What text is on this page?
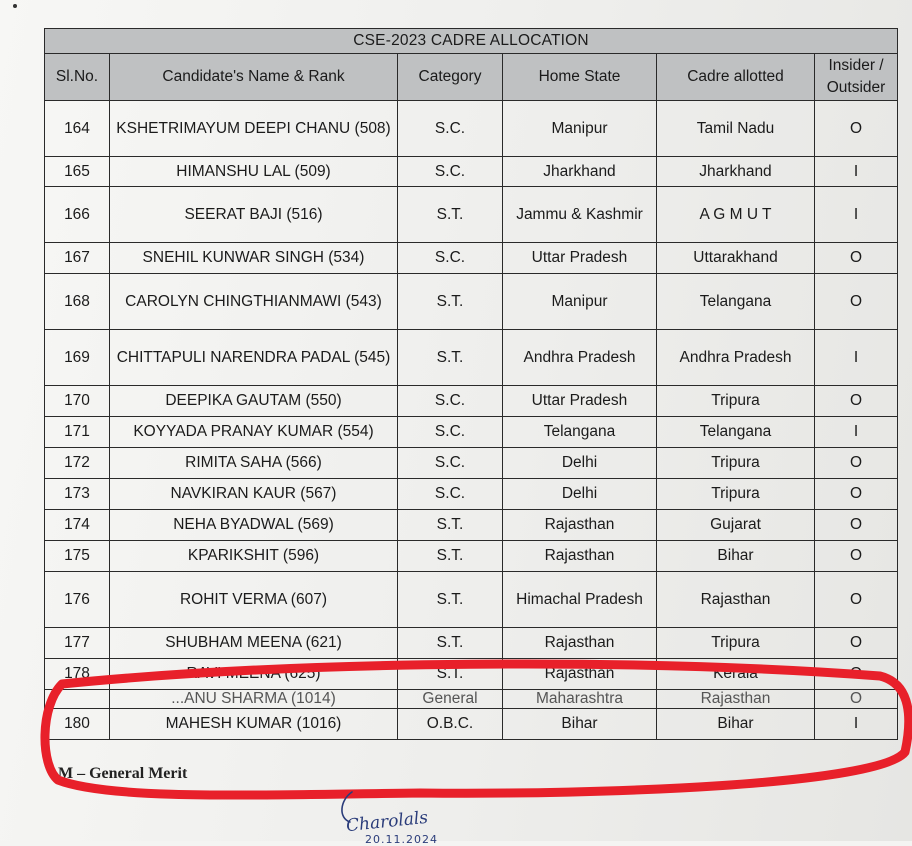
CSE-2023 CADRE ALLOCATION					
Sl.No.	Candidate's Name & Rank	Category	Home State	Cadre allotted	Insider / Outsider
164	KSHETRIMAYUM DEEPI CHANU (508)	S.C.	Manipur	Tamil Nadu	O
165	HIMANSHU LAL (509)	S.C.	Jharkhand	Jharkhand	I
166	SEERAT BAJI (516)	S.T.	Jammu & Kashmir	A G M U T	I
167	SNEHIL KUNWAR SINGH (534)	S.C.	Uttar Pradesh	Uttarakhand	O
168	CAROLYN CHINGTHIANMAWI (543)	S.T.	Manipur	Telangana	O
169	CHITTAPULI NARENDRA PADAL (545)	S.T.	Andhra Pradesh	Andhra Pradesh	I
170	DEEPIKA GAUTAM (550)	S.C.	Uttar Pradesh	Tripura	O
171	KOYYADA PRANAY KUMAR (554)	S.C.	Telangana	Telangana	I
172	RIMITA SAHA (566)	S.C.	Delhi	Tripura	O
173	NAVKIRAN KAUR (567)	S.C.	Delhi	Tripura	O
174	NEHA BYADWAL (569)	S.T.	Rajasthan	Gujarat	O
175	KPARIKSHIT (596)	S.T.	Rajasthan	Bihar	O
176	ROHIT VERMA (607)	S.T.	Himachal Pradesh	Rajasthan	O
177	SHUBHAM MEENA (621)	S.T.	Rajasthan	Tripura	O
178	RAVI MEENA (625)	S.T.	Rajasthan	Kerala	O
	...ANU SHARMA (1014)	General	Maharashtra	Rajasthan	O
180	MAHESH KUMAR (1016)	O.B.C.	Bihar	Bihar	I
M – General Merit
Charolals
20.11.2024
